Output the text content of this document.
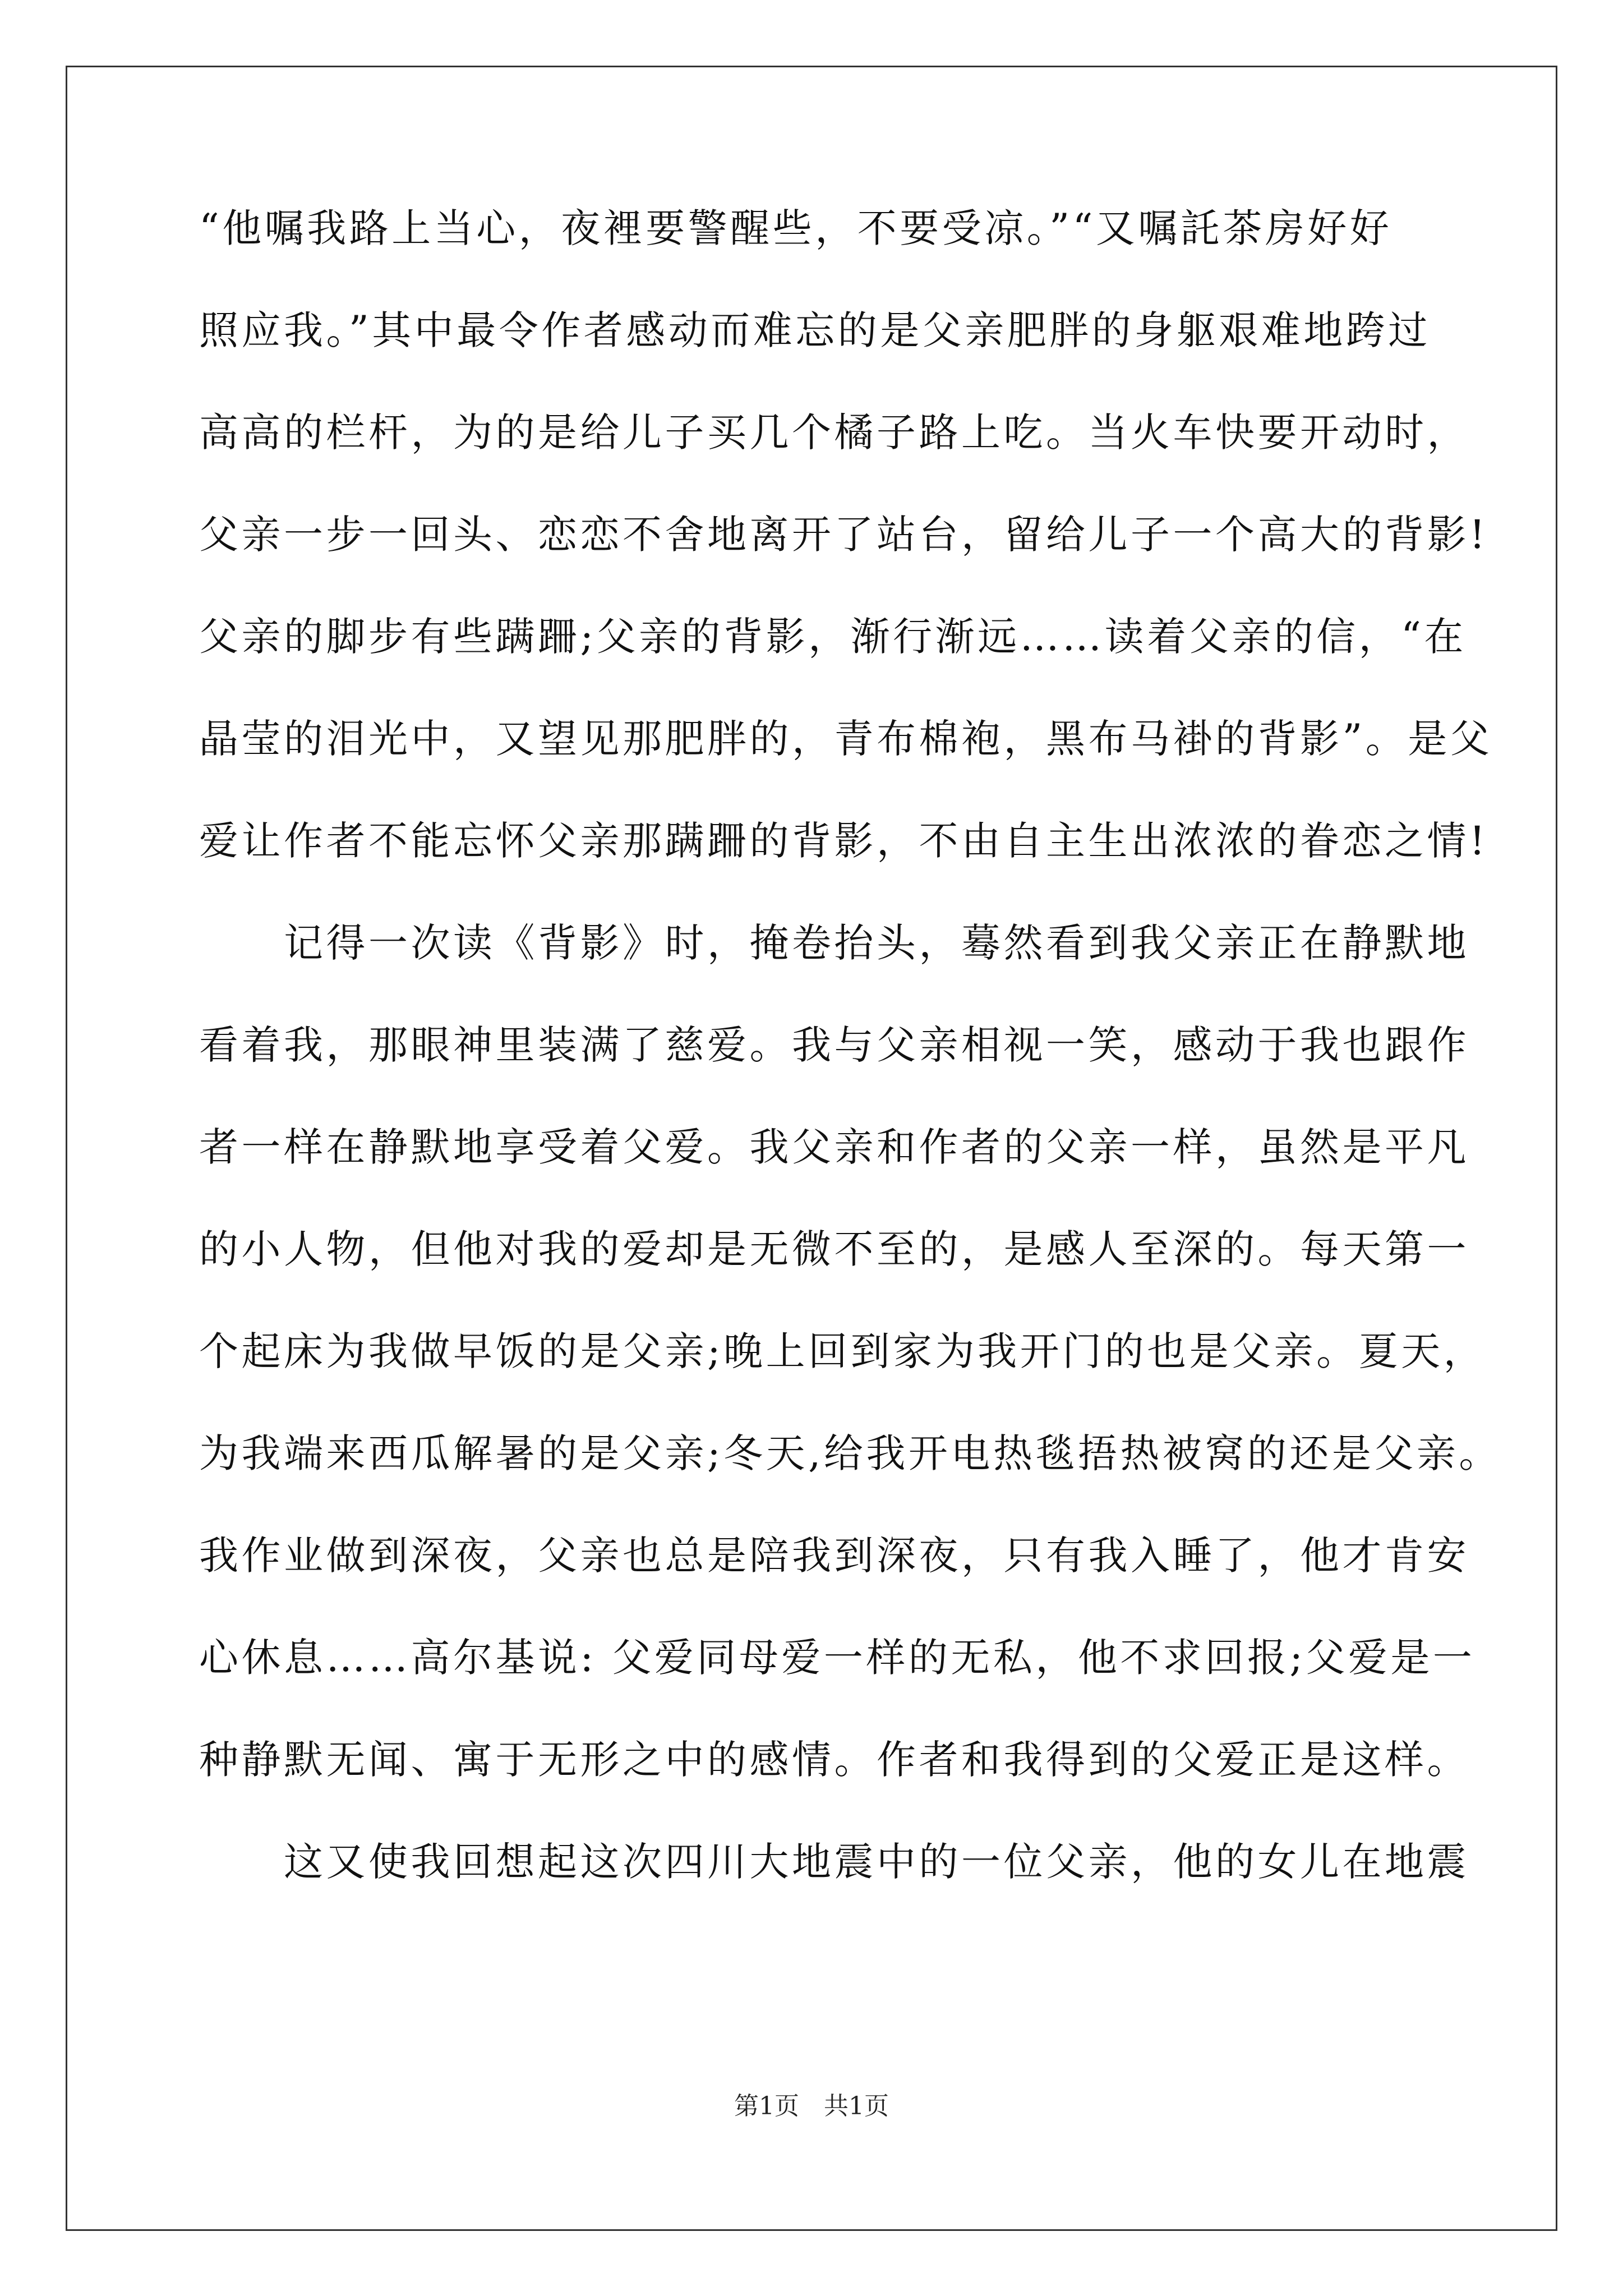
“他嘱我路上当心，夜裡要警醒些，不要受凉。”“又嘱託茶房好好
照应我。”其中最令作者感动而难忘的是父亲肥胖的身躯艰难地跨过
高高的栏杆，为的是给儿子买几个橘子路上吃。当火车快要开动时，
父亲一步一回头、恋恋不舍地离开了站台，留给儿子一个高大的背影!
父亲的脚步有些蹒跚;父亲的背影，渐行渐远……读着父亲的信，“在
晶莹的泪光中，又望见那肥胖的，青布棉袍，黑布马褂的背影”。是父
爱让作者不能忘怀父亲那蹒跚的背影，不由自主生出浓浓的眷恋之情!
　　记得一次读《背影》时，掩卷抬头，蓦然看到我父亲正在静默地
看着我，那眼神里装满了慈爱。我与父亲相视一笑，感动于我也跟作
者一样在静默地享受着父爱。我父亲和作者的父亲一样，虽然是平凡
的小人物，但他对我的爱却是无微不至的，是感人至深的。每天第一
个起床为我做早饭的是父亲;晚上回到家为我开门的也是父亲。夏天，
为我端来西瓜解暑的是父亲;冬天,给我开电热毯捂热被窝的还是父亲。
我作业做到深夜，父亲也总是陪我到深夜，只有我入睡了，他才肯安
心休息……高尔基说: 父爱同母爱一样的无私，他不求回报;父爱是一
种静默无闻、寓于无形之中的感情。作者和我得到的父爱正是这样。
　　这又使我回想起这次四川大地震中的一位父亲，他的女儿在地震
第1页 共1页
